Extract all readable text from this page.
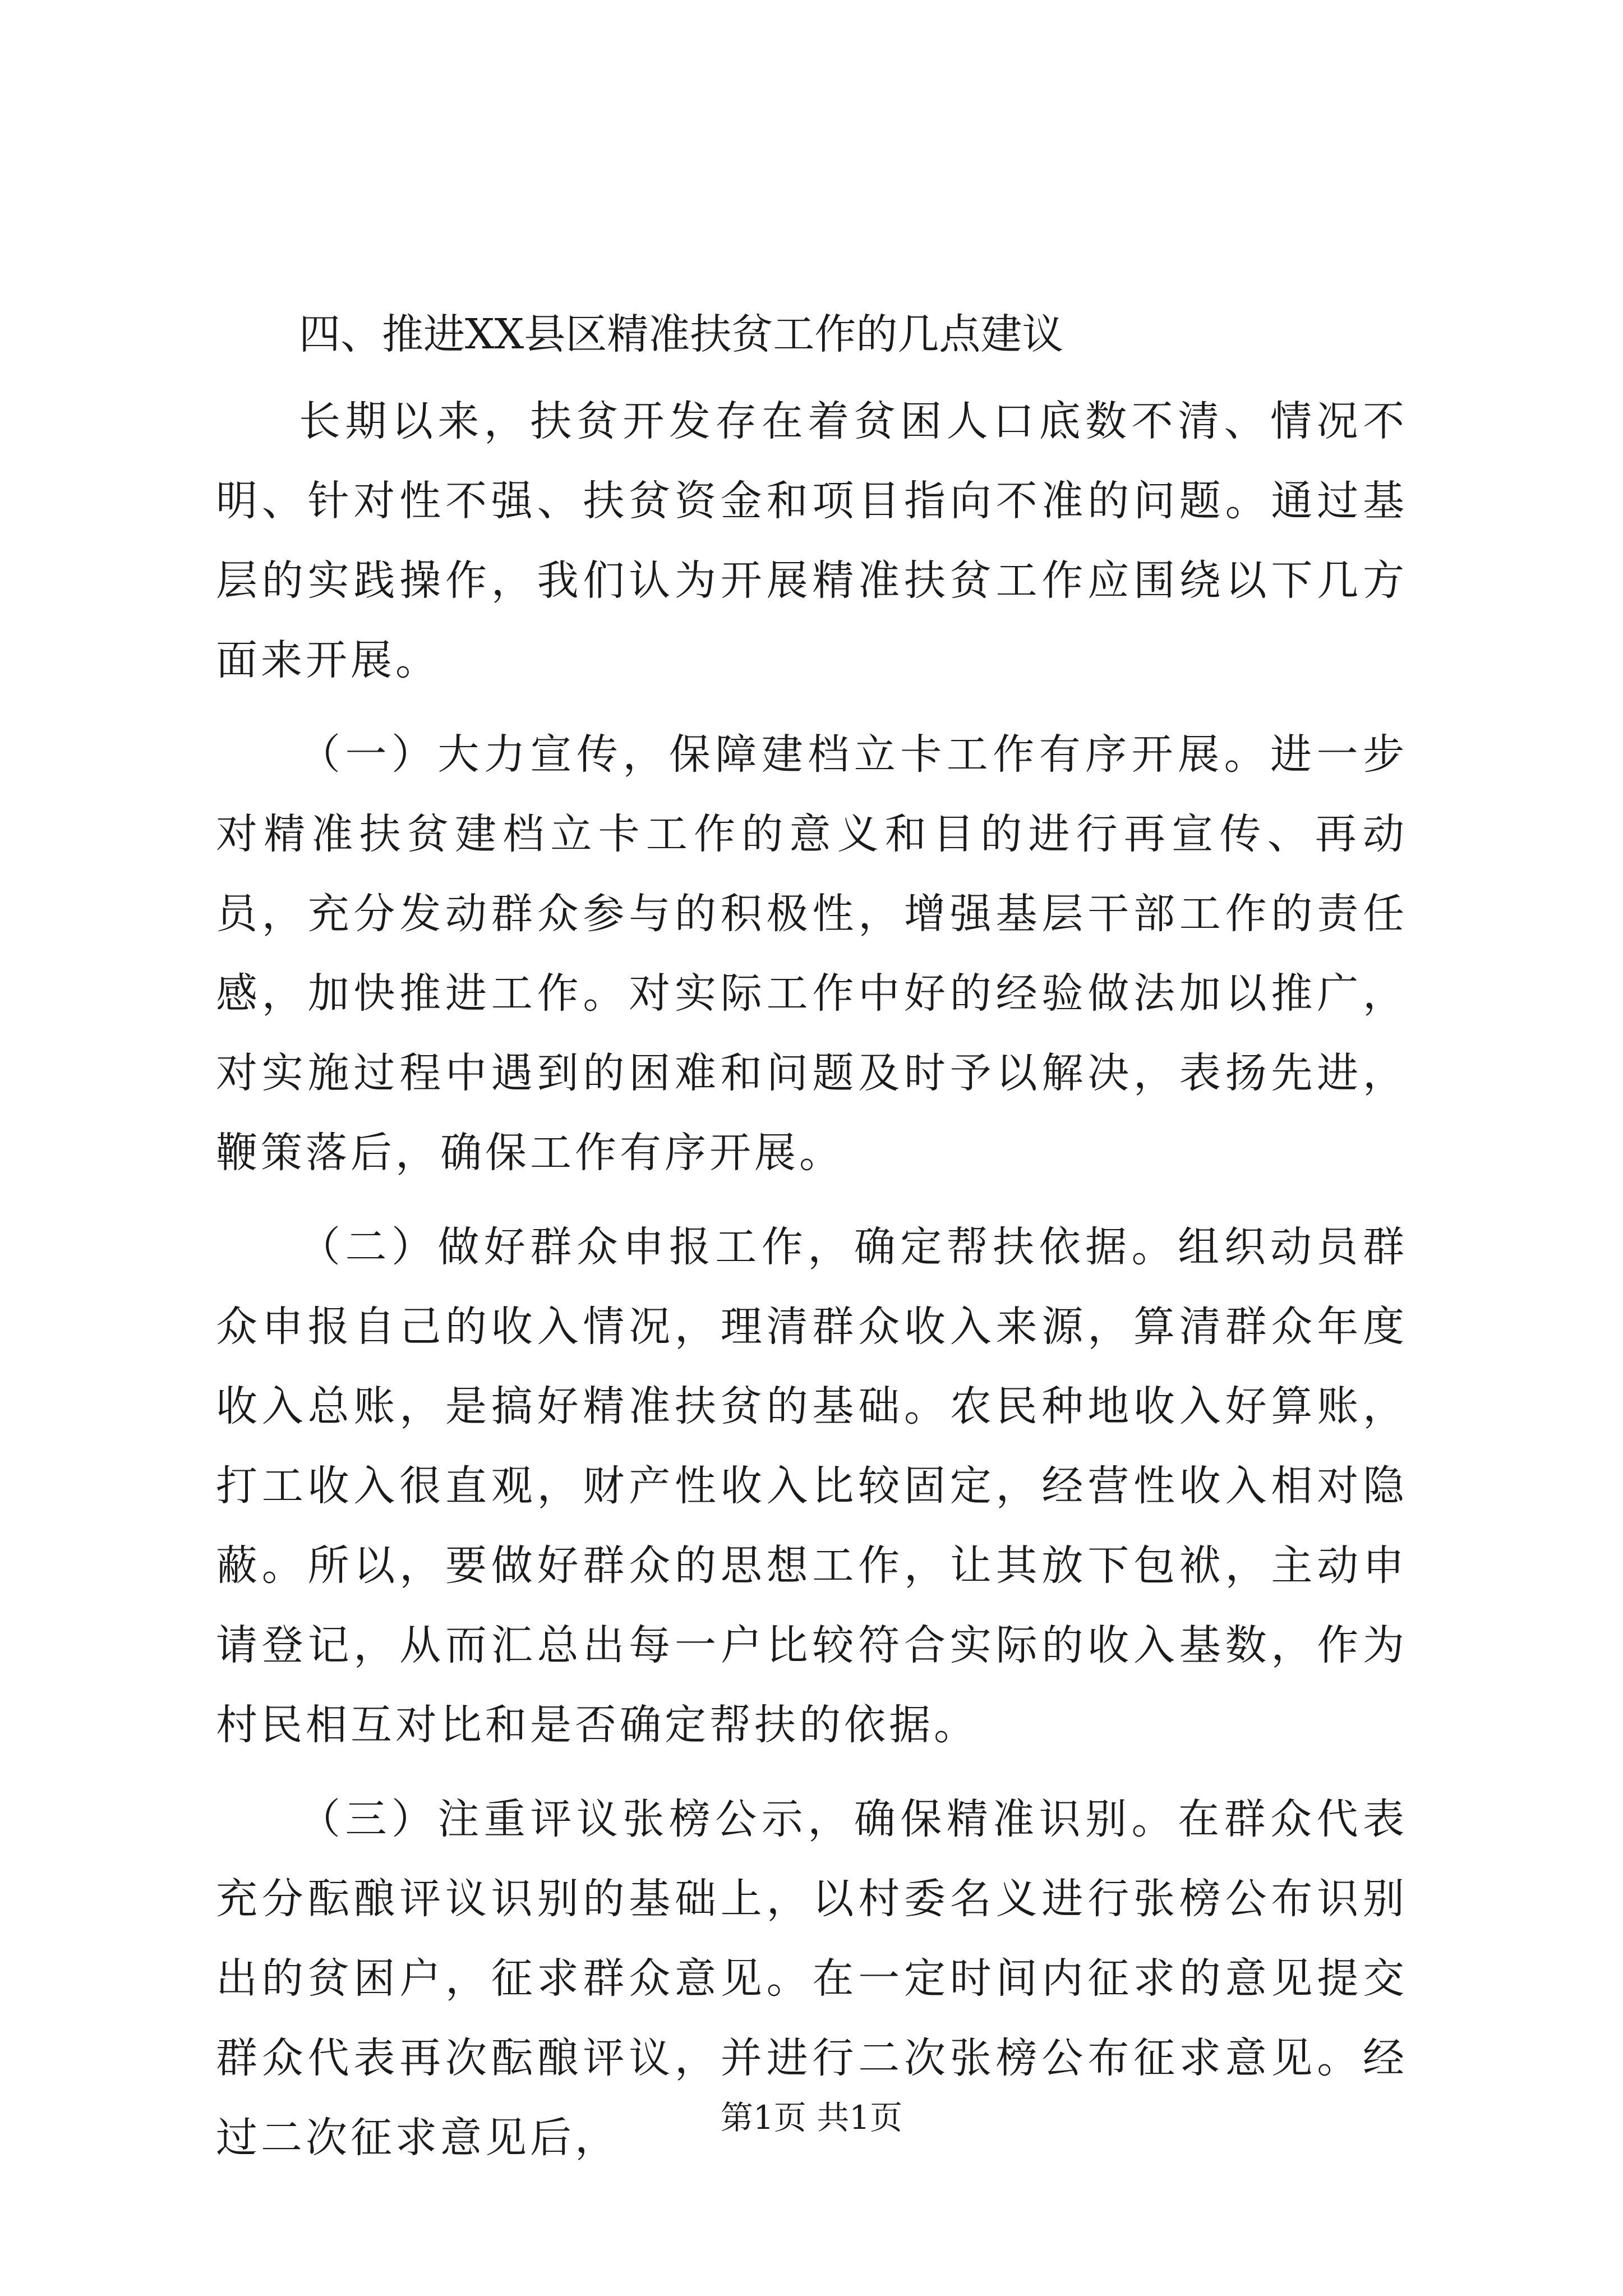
四、推进XX县区精准扶贫工作的几点建议

长期以来，扶贫开发存在着贫困人口底数不清、情况不明、针对性不强、扶贫资金和项目指向不准的问题。通过基层的实践操作，我们认为开展精准扶贫工作应围绕以下几方面来开展。

（一）大力宣传，保障建档立卡工作有序开展。进一步对精准扶贫建档立卡工作的意义和目的进行再宣传、再动员，充分发动群众参与的积极性，增强基层干部工作的责任感，加快推进工作。对实际工作中好的经验做法加以推广，对实施过程中遇到的困难和问题及时予以解决，表扬先进，鞭策落后，确保工作有序开展。

（二）做好群众申报工作，确定帮扶依据。组织动员群众申报自己的收入情况，理清群众收入来源，算清群众年度收入总账，是搞好精准扶贫的基础。农民种地收入好算账，打工收入很直观，财产性收入比较固定，经营性收入相对隐蔽。所以，要做好群众的思想工作，让其放下包袱，主动申请登记，从而汇总出每一户比较符合实际的收入基数，作为村民相互对比和是否确定帮扶的依据。

（三）注重评议张榜公示，确保精准识别。在群众代表充分酝酿评议识别的基础上，以村委名义进行张榜公布识别出的贫困户，征求群众意见。在一定时间内征求的意见提交群众代表再次酝酿评议，并进行二次张榜公布征求意见。经过二次征求意见后，	第1页 共1页
